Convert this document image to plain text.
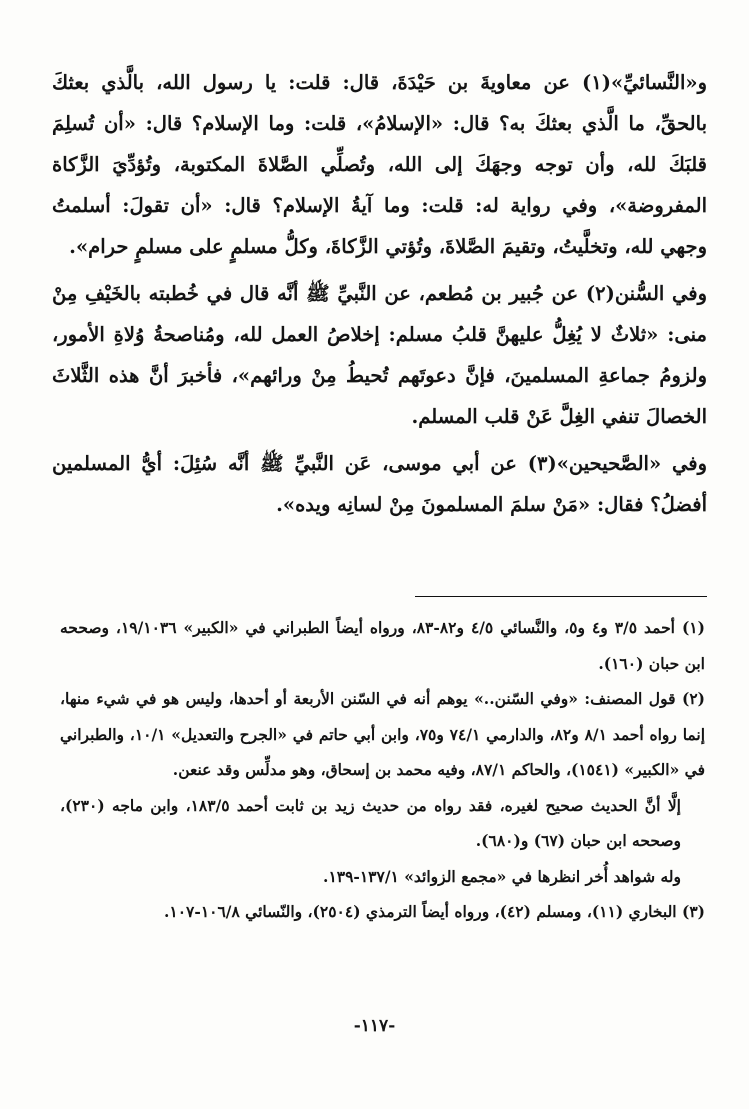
و«النَّسائيِّ»(١) عن معاويةَ بن حَيْدَةَ، قال: قلت: يا رسول الله، بالَّذي بعثكَ بالحقِّ، ما الَّذي بعثكَ به؟ قال: «الإسلامُ»، قلت: وما الإسلام؟ قال: «أن تُسلِمَ قلبَكَ لله، وأن توجه وجهَكَ إلى الله، وتُصلِّي الصَّلاةَ المكتوبة، وتُؤدِّيَ الزَّكاة المفروضة»، وفي رواية له: قلت: وما آيةُ الإسلام؟ قال: «أن تقولَ: أسلمتُ وجهي لله، وتخلَّيتُ، وتقيمَ الصَّلاةَ، وتُؤتي الزَّكاةَ، وكلُّ مسلمٍ على مسلمٍ حرام».

وفي السُّنن(٢) عن جُبير بن مُطعم، عن النَّبيِّ ﷺ أنَّه قال في خُطبته بالخَيْفِ مِنْ منى: «ثلاثٌ لا يُغِلُّ عليهنَّ قلبُ مسلم: إخلاصُ العمل لله، ومُناصحةُ وُلاةِ الأمور، ولزومُ جماعةِ المسلمينَ، فإنَّ دعوتَهم تُحيطُ مِنْ ورائهم»، فأخبرَ أنَّ هذه الثَّلاثَ الخصالَ تنفي الغِلَّ عَنْ قلب المسلم.

وفي «الصَّحيحين»(٣) عن أبي موسى، عَن النَّبيِّ ﷺ أنَّه سُئِلَ: أيُّ المسلمين أفضلُ؟ فقال: «مَنْ سلمَ المسلمونَ مِنْ لسانِه ويده».

(١) أحمد ٣/٥ و٤ و٥، والنَّسائي ٤/٥ و٨٢-٨٣، ورواه أيضاً الطبراني في «الكبير» ١٩/١٠٣٦، وصححه ابن حبان (١٦٠).

(٢) قول المصنف: «وفي السّنن..» يوهم أنه في السّنن الأربعة أو أحدها، وليس هو في شيء منها، إنما رواه أحمد ٨/١ و٨٢، والدارمي ٧٤/١ و٧٥، وابن أبي حاتم في «الجرح والتعديل» ١٠/١، والطبراني في «الكبير» (١٥٤١)، والحاكم ٨٧/١، وفيه محمد بن إسحاق، وهو مدلِّس وقد عنعن.

إلَّا أنَّ الحديث صحيح لغيره، فقد رواه من حديث زيد بن ثابت أحمد ١٨٣/٥، وابن ماجه (٢٣٠)، وصححه ابن حبان (٦٧) و(٦٨٠).

وله شواهد أُخر انظرها في «مجمع الزوائد» ١٣٧/١-١٣٩.

(٣) البخاري (١١)، ومسلم (٤٢)، ورواه أيضاً الترمذي (٢٥٠٤)، والنّسائي ١٠٦/٨-١٠٧.

-١١٧-
